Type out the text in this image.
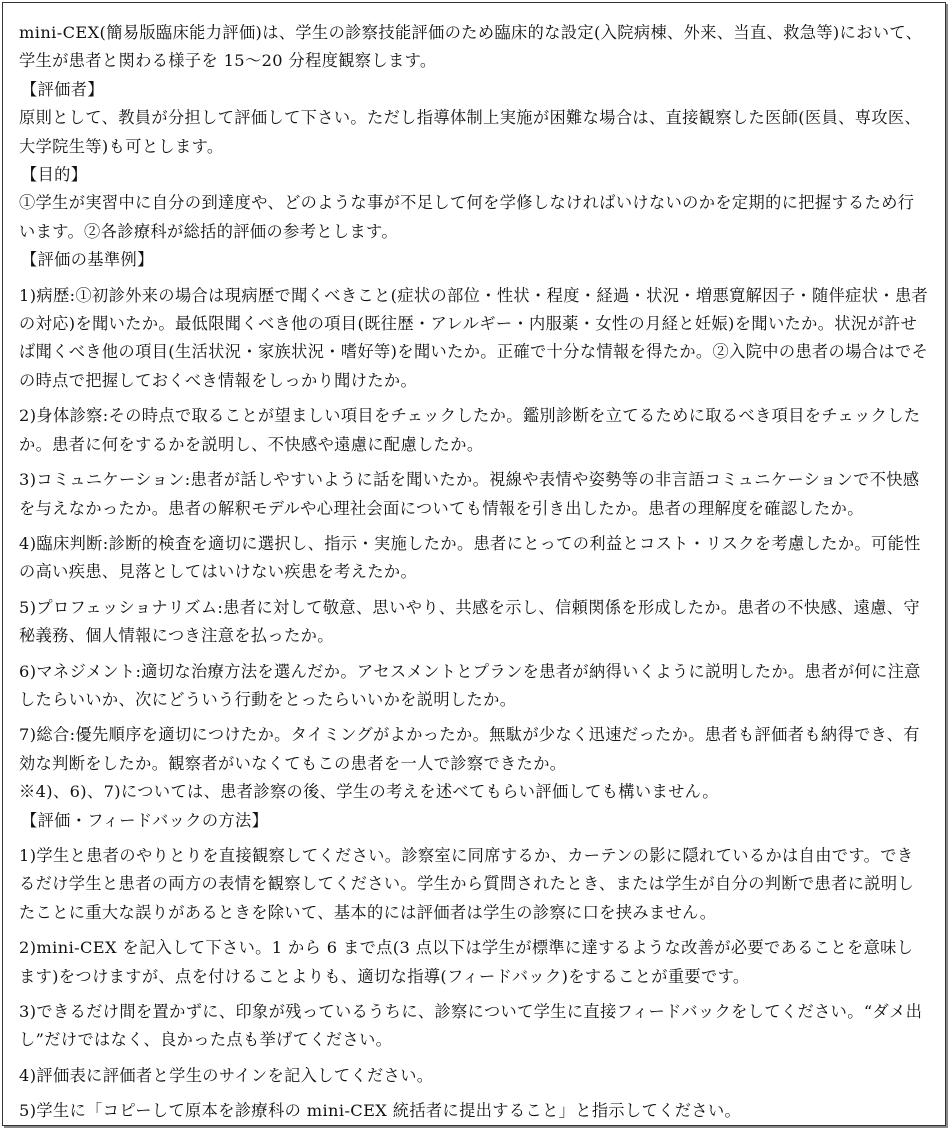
mini-CEX(簡易版臨床能力評価)は、学生の診察技能評価のため臨床的な設定(入院病棟、外来、当直、救急等)において、学生が患者と関わる様子を 15〜20 分程度観察します。

【評価者】

原則として、教員が分担して評価して下さい。ただし指導体制上実施が困難な場合は、直接観察した医師(医員、専攻医、大学院生等)も可とします。

【目的】

①学生が実習中に自分の到達度や、どのような事が不足して何を学修しなければいけないのかを定期的に把握するため行います。②各診療科が総括的評価の参考とします。

【評価の基準例】

1)病歴:①初診外来の場合は現病歴で聞くべきこと(症状の部位・性状・程度・経過・状況・増悪寛解因子・随伴症状・患者の対応)を聞いたか。最低限聞くべき他の項目(既往歴・アレルギー・内服薬・女性の月経と妊娠)を聞いたか。状況が許せば聞くべき他の項目(生活状況・家族状況・嗜好等)を聞いたか。正確で十分な情報を得たか。②入院中の患者の場合はでその時点で把握しておくべき情報をしっかり聞けたか。

2)身体診察:その時点で取ることが望ましい項目をチェックしたか。鑑別診断を立てるために取るべき項目をチェックしたか。患者に何をするかを説明し、不快感や遠慮に配慮したか。

3)コミュニケーション:患者が話しやすいように話を聞いたか。視線や表情や姿勢等の非言語コミュニケーションで不快感を与えなかったか。患者の解釈モデルや心理社会面についても情報を引き出したか。患者の理解度を確認したか。

4)臨床判断:診断的検査を適切に選択し、指示・実施したか。患者にとっての利益とコスト・リスクを考慮したか。可能性の高い疾患、見落としてはいけない疾患を考えたか。

5)プロフェッショナリズム:患者に対して敬意、思いやり、共感を示し、信頼関係を形成したか。患者の不快感、遠慮、守秘義務、個人情報につき注意を払ったか。

6)マネジメント:適切な治療方法を選んだか。アセスメントとプランを患者が納得いくように説明したか。患者が何に注意したらいいか、次にどういう行動をとったらいいかを説明したか。

7)総合:優先順序を適切につけたか。タイミングがよかったか。無駄が少なく迅速だったか。患者も評価者も納得でき、有効な判断をしたか。観察者がいなくてもこの患者を一人で診察できたか。

※4)、6)、7)については、患者診察の後、学生の考えを述べてもらい評価しても構いません。

【評価・フィードバックの方法】

1)学生と患者のやりとりを直接観察してください。診察室に同席するか、カーテンの影に隠れているかは自由です。できるだけ学生と患者の両方の表情を観察してください。学生から質問されたとき、または学生が自分の判断で患者に説明したことに重大な誤りがあるときを除いて、基本的には評価者は学生の診察に口を挟みません。

2)mini-CEX を記入して下さい。1 から 6 まで点(3 点以下は学生が標準に達するような改善が必要であることを意味します)をつけますが、点を付けることよりも、適切な指導(フィードバック)をすることが重要です。

3)できるだけ間を置かずに、印象が残っているうちに、診察について学生に直接フィードバックをしてください。“ダメ出し”だけではなく、良かった点も挙げてください。

4)評価表に評価者と学生のサインを記入してください。

5)学生に「コピーして原本を診療科の mini-CEX 統括者に提出すること」と指示してください。
